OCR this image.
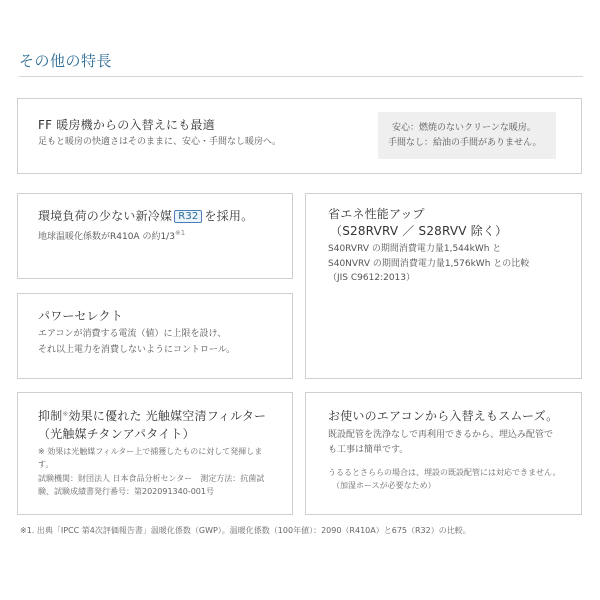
その他の特長
FF 暖房機からの入替えにも最適
足もと暖房の快適さはそのままに、安心・手間なし暖房へ。
安心：燃焼のないクリーンな暖房。
手間なし：給油の手間がありません。
環境負荷の少ない新冷媒 R32 を採用。
地球温暖化係数がR410A の約1/3$^{※1}$
省エネ性能アップ
（S28RVRV ／ S28RVV 除く）
S40RVRV の期間消費電力量1,544kWh と
S40NVRV の期間消費電力量1,576kWh との比較
（JIS C9612:2013）
パワーセレクト
エアコンが消費する電流（値）に上限を設け、
それ以上電力を消費しないようにコントロール。
抑制※効果に優れた 光触媒空清フィルター
（光触媒チタンアパタイト）
※ 効果は光触媒フィルター上で捕獲したものに対して発揮しま
す。
試験機関：財団法人 日本食品分析センター　測定方法：抗菌試
験、試験成績書発行番号：第202091340-001号
お使いのエアコンから入替えもスムーズ。
既設配管を洗浄なしで再利用できるから、埋込み配管で
も工事は簡単です。
うるるとさららの場合は、埋設の既設配管には対応できません。
（加湿ホースが必要なため）
※1. 出典「IPCC 第4次評価報告書」温暖化係数（GWP）。温暖化係数（100年値）：2090（R410A）と675（R32）の比較。
